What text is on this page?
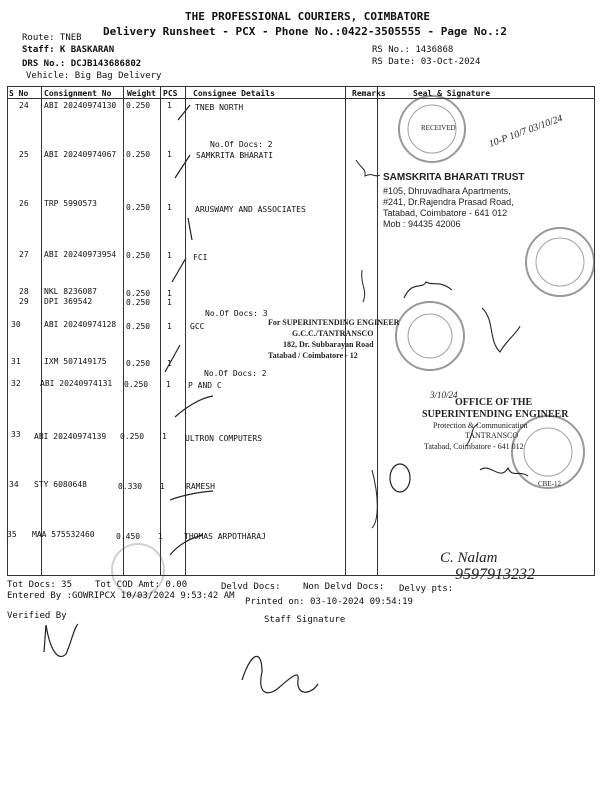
THE PROFESSIONAL COURIERS, COIMBATORE
Delivery Runsheet - PCX - Phone No.:0422-3505555 - Page No.:2
Route: TNEB
Staff: K BASKARAN
DRS No.: DCJB143686802
Vehicle: Big Bag Delivery
RS No.: 1436868
RS Date: 03-Oct-2024
S No Consignment No Weight PCS Consignee Details	Remarks	Seal & Signature
24 ABI 20240974130 0.250 1	TNEB NORTH
No.Of Docs: 2
25 ABI 20240974067 0.250 1	SAMKRITA BHARATI
26 TRP 5990573	0.250 1	ARUSWAMY AND ASSOCIATES
27 ABI 20240973954 0.250 1	FCI
28 NKL 8236087	0.250 1
29 DPI 369542	0.250 1
No.Of Docs: 3
30	ABI 20240974128 0.250 1 GCC
31	IXM 507149175 0.250 1
No.Of Docs: 2
32 ABI 20240974131 0.250 1 P AND C
33 ABI 20240974139 0.250 1 ULTRON COMPUTERS
34 STY 6080648	0.330 1	RAMESH
35 MAA 575532460	0.450 1	THOMAS ARPOTHARAJ
RECEIVED	10-P 10/7 03/10/24
SAMSKRITA BHARATI TRUST
#105, Dhruvadhara Apartments,
#241, Dr.Rajendra Prasad Road,
Tatabad, Coimbatore - 641 012
Mob : 94435 42006
For SUPERINTENDING ENGINEER
G.C.C./TANTRANSCO
182, Dr. Subbarayan Road
Tatabad / Coimbatore - 12
3/10/24
OFFICE OF THE
SUPERINTENDING ENGINEER
Protection & Communication
TANTRANSCO
Tatabad, Coimbatore - 641 012
CBE-12
C. Nalam
9597913232
Tot Docs: 35	Tot COD Amt: 0.00	Delvd Docs: Non Delvd Docs: Delvy pts:
Entered By :GOWRIPCX 10/03/2024 9:53:42 AM
Printed on: 03-10-2024 09:54:19
Verified By	Staff Signature
